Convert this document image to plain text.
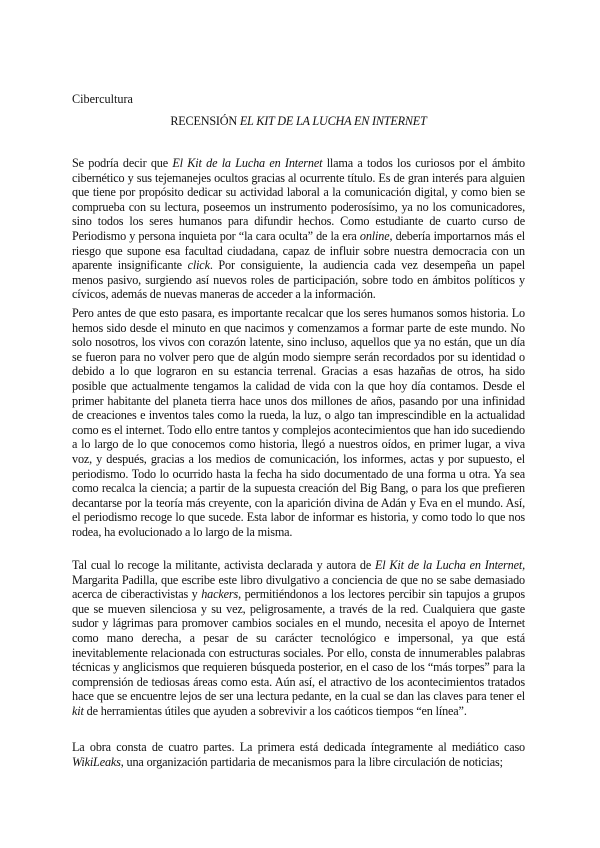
Cibercultura

RECENSIÓN EL KIT DE LA LUCHA EN INTERNET

Se podría decir que El Kit de la Lucha en Internet llama a todos los curiosos por el ámbito cibernético y sus tejemanejes ocultos gracias al ocurrente título. Es de gran interés para alguien que tiene por propósito dedicar su actividad laboral a la comunicación digital, y como bien se comprueba con su lectura, poseemos un instrumento poderosísimo, ya no los comunicadores, sino todos los seres humanos para difundir hechos. Como estudiante de cuarto curso de Periodismo y persona inquieta por “la cara oculta” de la era online, debería importarnos más el riesgo que supone esa facultad ciudadana, capaz de influir sobre nuestra democracia con un aparente insignificante click. Por consiguiente, la audiencia cada vez desempeña un papel menos pasivo, surgiendo así nuevos roles de participación, sobre todo en ámbitos políticos y cívicos, además de nuevas maneras de acceder a la información.

Pero antes de que esto pasara, es importante recalcar que los seres humanos somos historia. Lo hemos sido desde el minuto en que nacimos y comenzamos a formar parte de este mundo. No solo nosotros, los vivos con corazón latente, sino incluso, aquellos que ya no están, que un día se fueron para no volver pero que de algún modo siempre serán recordados por su identidad o debido a lo que lograron en su estancia terrenal. Gracias a esas hazañas de otros, ha sido posible que actualmente tengamos la calidad de vida con la que hoy día contamos. Desde el primer habitante del planeta tierra hace unos dos millones de años, pasando por una infinidad de creaciones e inventos tales como la rueda, la luz, o algo tan imprescindible en la actualidad como es el internet. Todo ello entre tantos y complejos acontecimientos que han ido sucediendo a lo largo de lo que conocemos como historia, llegó a nuestros oídos, en primer lugar, a viva voz, y después, gracias a los medios de comunicación, los informes, actas y por supuesto, el periodismo. Todo lo ocurrido hasta la fecha ha sido documentado de una forma u otra. Ya sea como recalca la ciencia; a partir de la supuesta creación del Big Bang, o para los que prefieren decantarse por la teoría más creyente, con la aparición divina de Adán y Eva en el mundo. Así, el periodismo recoge lo que sucede. Esta labor de informar es historia, y como todo lo que nos rodea, ha evolucionado a lo largo de la misma.

Tal cual lo recoge la militante, activista declarada y autora de El Kit de la Lucha en Internet, Margarita Padilla, que escribe este libro divulgativo a conciencia de que no se sabe demasiado acerca de ciberactivistas y hackers, permitiéndonos a los lectores percibir sin tapujos a grupos que se mueven silenciosa y su vez, peligrosamente, a través de la red. Cualquiera que gaste sudor y lágrimas para promover cambios sociales en el mundo, necesita el apoyo de Internet como mano derecha, a pesar de su carácter tecnológico e impersonal, ya que está inevitablemente relacionada con estructuras sociales. Por ello, consta de innumerables palabras técnicas y anglicismos que requieren búsqueda posterior, en el caso de los “más torpes” para la comprensión de tediosas áreas como esta. Aún así, el atractivo de los acontecimientos tratados hace que se encuentre lejos de ser una lectura pedante, en la cual se dan las claves para tener el kit de herramientas útiles que ayuden a sobrevivir a los caóticos tiempos “en línea”.

La obra consta de cuatro partes. La primera está dedicada íntegramente al mediático caso WikiLeaks, una organización partidaria de mecanismos para la libre circulación de noticias;
